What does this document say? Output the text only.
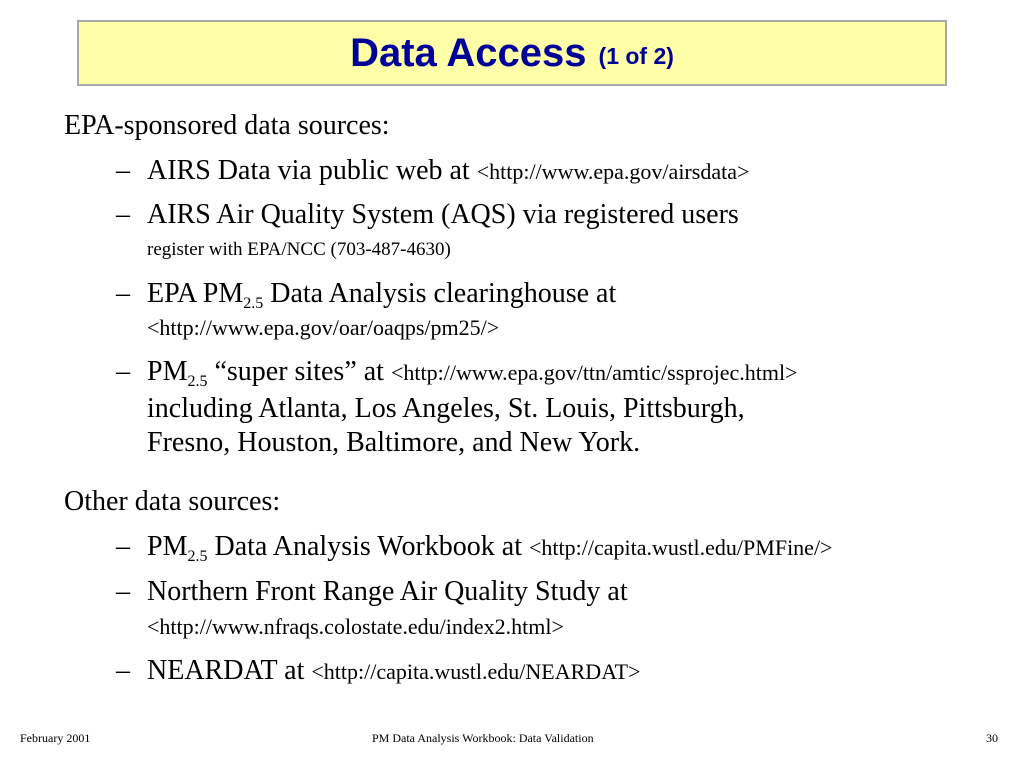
Data Access (1 of 2)
EPA-sponsored data sources:
– AIRS Data via public web at <http://www.epa.gov/airsdata>
– AIRS Air Quality System (AQS) via registered users
register with EPA/NCC (703-487-4630)
– EPA $PM_{2.5}$ Data Analysis clearinghouse at
<http://www.epa.gov/oar/oaqps/pm25/>
– $PM_{2.5}$ “super sites” at <http://www.epa.gov/ttn/amtic/ssprojec.html>
including Atlanta, Los Angeles, St. Louis, Pittsburgh,
Fresno, Houston, Baltimore, and New York.
Other data sources:
– $PM_{2.5}$ Data Analysis Workbook at <http://capita.wustl.edu/PMFine/>
– Northern Front Range Air Quality Study at
<http://www.nfraqs.colostate.edu/index2.html>
– NEARDAT at <http://capita.wustl.edu/NEARDAT>
February 2001	PM Data Analysis Workbook: Data Validation	30
